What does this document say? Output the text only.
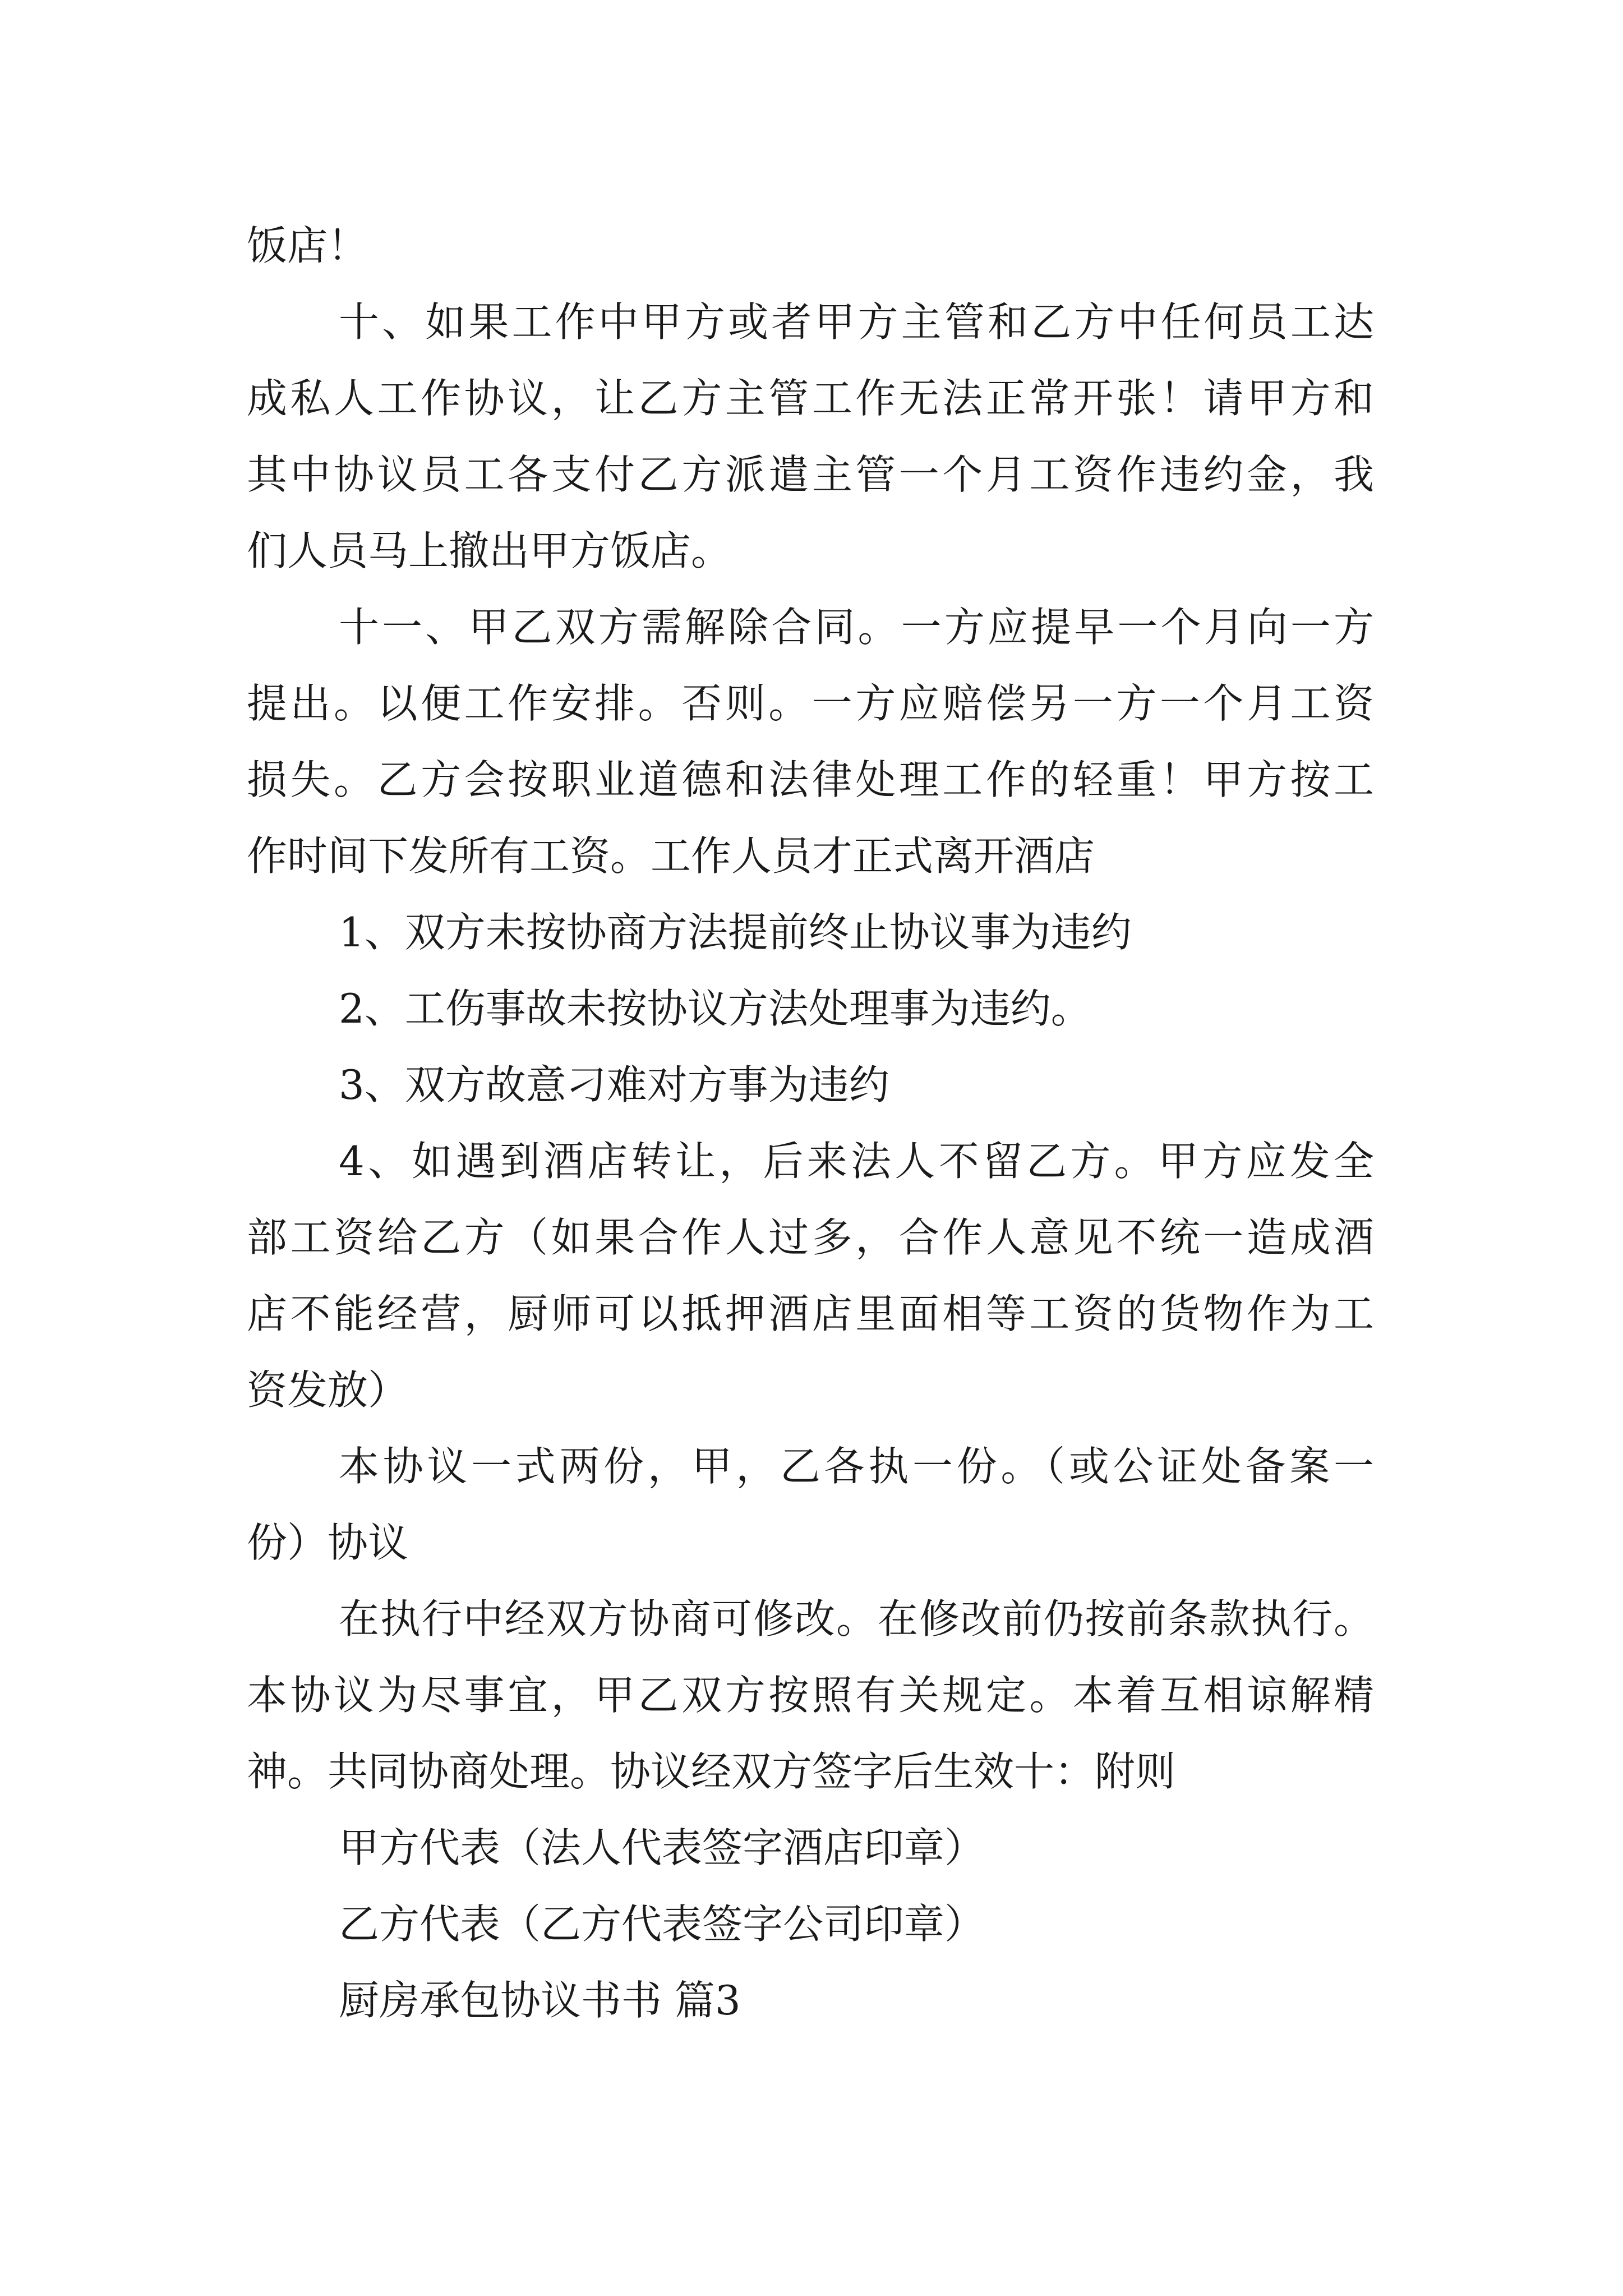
饭店！
十、如果工作中甲方或者甲方主管和乙方中任何员工达
成私人工作协议，让乙方主管工作无法正常开张！请甲方和
其中协议员工各支付乙方派遣主管一个月工资作违约金，我
们人员马上撤出甲方饭店。
十一、甲乙双方需解除合同。一方应提早一个月向一方
提出。以便工作安排。否则。一方应赔偿另一方一个月工资
损失。乙方会按职业道德和法律处理工作的轻重！甲方按工
作时间下发所有工资。工作人员才正式离开酒店
1、双方未按协商方法提前终止协议事为违约
2、工伤事故未按协议方法处理事为违约。
3、双方故意刁难对方事为违约
4、如遇到酒店转让，后来法人不留乙方。甲方应发全
部工资给乙方（如果合作人过多，合作人意见不统一造成酒
店不能经营，厨师可以抵押酒店里面相等工资的货物作为工
资发放）
本协议一式两份，甲，乙各执一份。（或公证处备案一
份）协议
在执行中经双方协商可修改。在修改前仍按前条款执行。
本协议为尽事宜，甲乙双方按照有关规定。本着互相谅解精
神。共同协商处理。协议经双方签字后生效十：附则
甲方代表（法人代表签字酒店印章）
乙方代表（乙方代表签字公司印章）
厨房承包协议书书 篇3
